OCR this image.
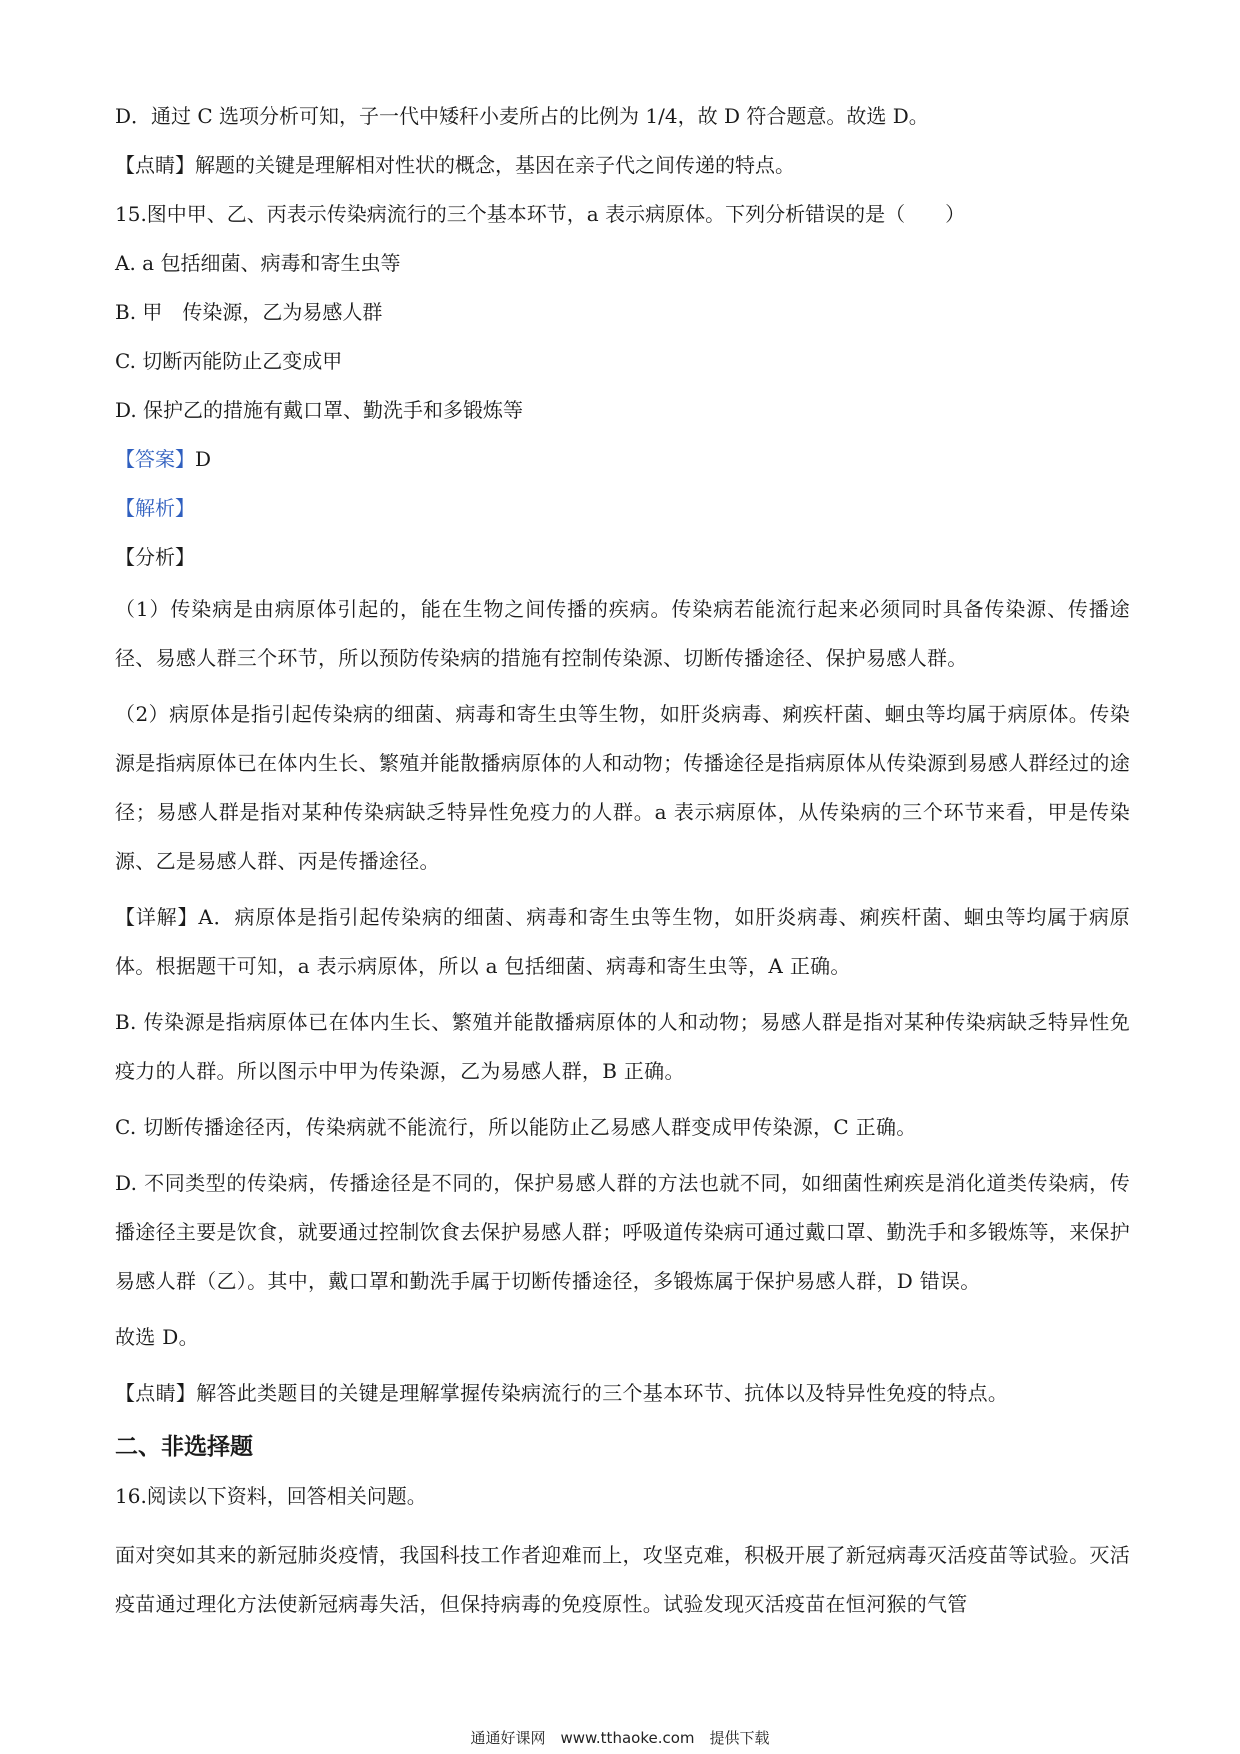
D．通过 C 选项分析可知，子一代中矮秆小麦所占的比例为 1/4，故 D 符合题意。故选 D。
【点睛】解题的关键是理解相对性状的概念，基因在亲子代之间传递的特点。
15.图中甲、乙、丙表示传染病流行的三个基本环节，a 表示病原体。下列分析错误的是（　　）
A. a 包括细菌、病毒和寄生虫等
B. 甲　传染源，乙为易感人群
C. 切断丙能防止乙变成甲
D. 保护乙的措施有戴口罩、勤洗手和多锻炼等
【答案】D
【解析】
【分析】

（1）传染病是由病原体引起的，能在生物之间传播的疾病。传染病若能流行起来必须同时具备传染源、传播途径、易感人群三个环节，所以预防传染病的措施有控制传染源、切断传播途径、保护易感人群。

（2）病原体是指引起传染病的细菌、病毒和寄生虫等生物，如肝炎病毒、痢疾杆菌、蛔虫等均属于病原体。传染源是指病原体已在体内生长、繁殖并能散播病原体的人和动物；传播途径是指病原体从传染源到易感人群经过的途径；易感人群是指对某种传染病缺乏特异性免疫力的人群。a 表示病原体，从传染病的三个环节来看，甲是传染源、乙是易感人群、丙是传播途径。

【详解】A．病原体是指引起传染病的细菌、病毒和寄生虫等生物，如肝炎病毒、痢疾杆菌、蛔虫等均属于病原体。根据题干可知，a 表示病原体，所以 a 包括细菌、病毒和寄生虫等，A 正确。

B. 传染源是指病原体已在体内生长、繁殖并能散播病原体的人和动物；易感人群是指对某种传染病缺乏特异性免疫力的人群。所以图示中甲为传染源，乙为易感人群，B 正确。

C. 切断传播途径丙，传染病就不能流行，所以能防止乙易感人群变成甲传染源，C 正确。

D. 不同类型的传染病，传播途径是不同的，保护易感人群的方法也就不同，如细菌性痢疾是消化道类传染病，传播途径主要是饮食，就要通过控制饮食去保护易感人群；呼吸道传染病可通过戴口罩、勤洗手和多锻炼等，来保护易感人群（乙）。其中，戴口罩和勤洗手属于切断传播途径，多锻炼属于保护易感人群，D 错误。

故选 D。

【点睛】解答此类题目的关键是理解掌握传染病流行的三个基本环节、抗体以及特异性免疫的特点。

二、非选择题
16.阅读以下资料，回答相关问题。

面对突如其来的新冠肺炎疫情，我国科技工作者迎难而上，攻坚克难，积极开展了新冠病毒灭活疫苗等试验。灭活疫苗通过理化方法使新冠病毒失活，但保持病毒的免疫原性。试验发现灭活疫苗在恒河猴的气管

通通好课网　www.tthaoke.com　提供下载
